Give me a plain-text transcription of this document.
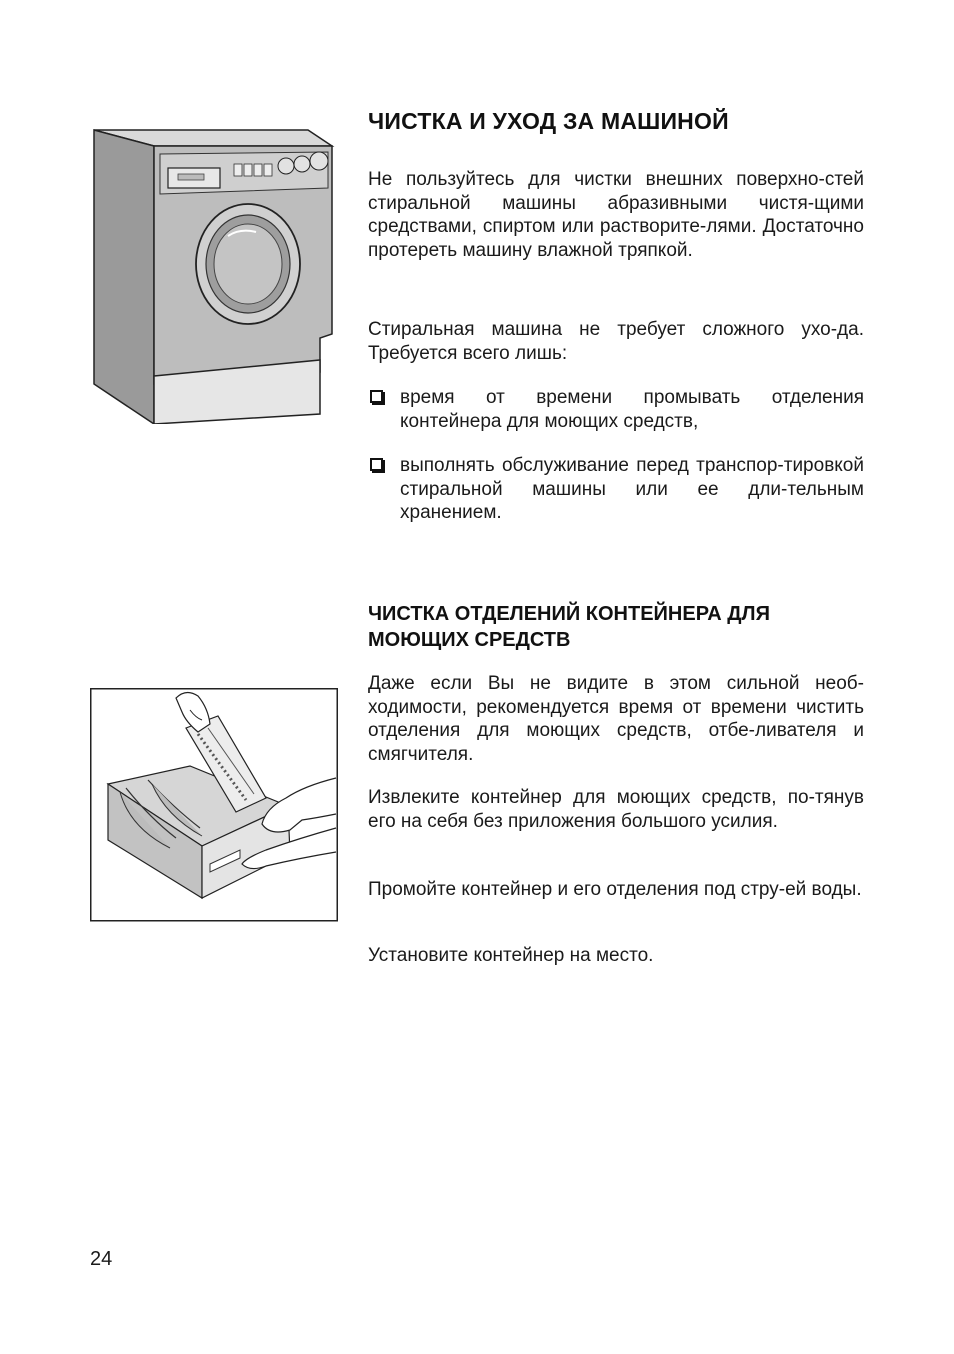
ЧИСТКА И УХОД ЗА МАШИНОЙ

Не пользуйтесь для чистки внешних поверхно-стей стиральной машины абразивными чистя-щими средствами, спиртом или растворите-лями. Достаточно протереть машину влажной тряпкой.

Стиральная машина не требует сложного ухо-да. Требуется всего лишь:

время от времени промывать отделения контейнера для моющих средств,
выполнять обслуживание перед транспор-тировкой стиральной машины или ее дли-тельным хранением.
ЧИСТКА ОТДЕЛЕНИЙ КОНТЕЙНЕРА ДЛЯ
МОЮЩИХ СРЕДСТВ

Даже если Вы не видите в этом сильной необ-ходимости, рекомендуется время от времени чистить отделения для моющих средств, отбе-ливателя и смягчителя.

Извлеките контейнер для моющих средств, по-тянув его на себя без приложения большого усилия.

Промойте контейнер и его отделения под стру-ей воды.

Установите контейнер на место.

24
